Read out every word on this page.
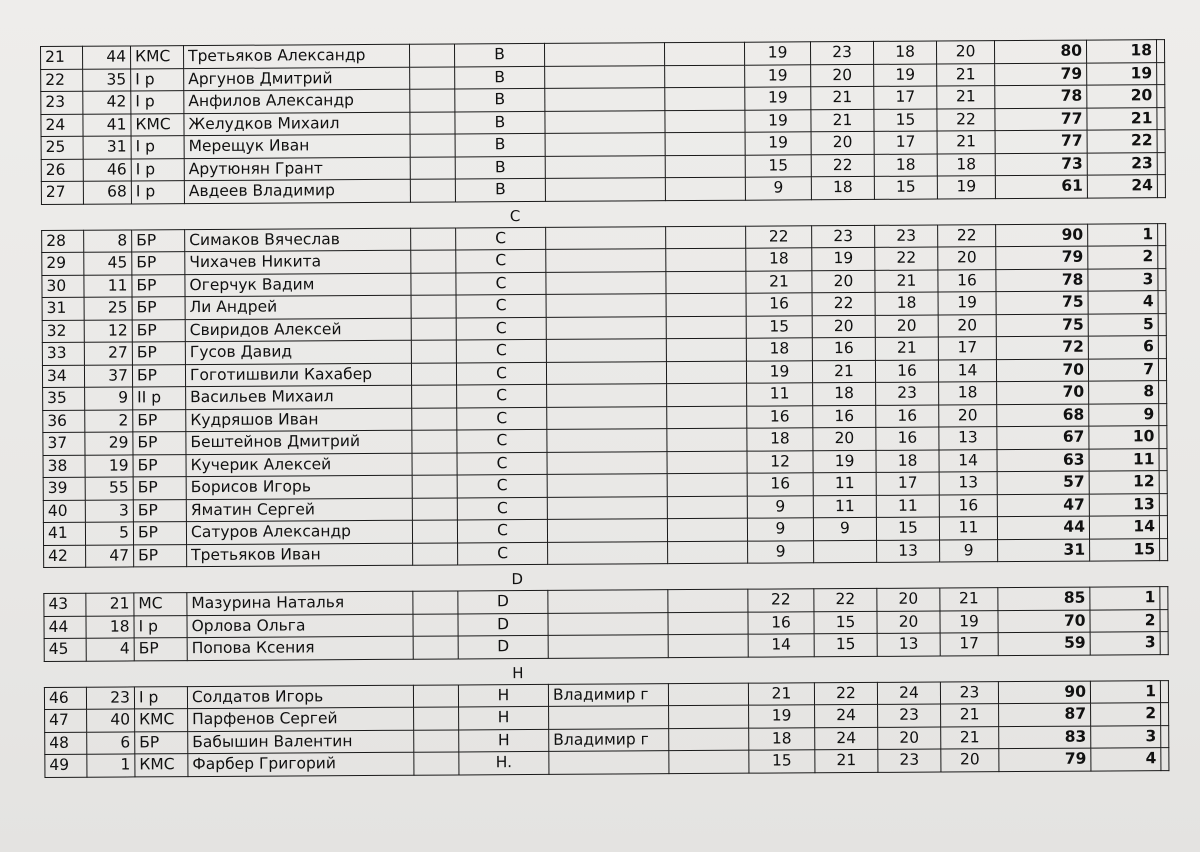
21	44	КМС	Третьяков Александр		B			19	23	18	20	80	18	
22	35	I р	Аргунов Дмитрий		B			19	20	19	21	79	19	
23	42	I р	Анфилов Александр		B			19	21	17	21	78	20	
24	41	КМС	Желудков Михаил		B			19	21	15	22	77	21	
25	31	I р	Мерещук Иван		B			19	20	17	21	77	22	
26	46	I р	Арутюнян Грант		B			15	22	18	18	73	23	
27	68	I р	Авдеев Владимир		B			9	18	15	19	61	24	
C
28	8	БР	Симаков Вячеслав		C			22	23	23	22	90	1	
29	45	БР	Чихачев Никита		C			18	19	22	20	79	2	
30	11	БР	Огерчук Вадим		C			21	20	21	16	78	3	
31	25	БР	Ли Андрей		C			16	22	18	19	75	4	
32	12	БР	Свиридов Алексей		C			15	20	20	20	75	5	
33	27	БР	Гусов Давид		C			18	16	21	17	72	6	
34	37	БР	Гоготишвили Кахабер		C			19	21	16	14	70	7	
35	9	II р	Васильев Михаил		C			11	18	23	18	70	8	
36	2	БР	Кудряшов Иван		C			16	16	16	20	68	9	
37	29	БР	Бештейнов Дмитрий		C			18	20	16	13	67	10	
38	19	БР	Кучерик Алексей		C			12	19	18	14	63	11	
39	55	БР	Борисов Игорь		C			16	11	17	13	57	12	
40	3	БР	Яматин Сергей		C			9	11	11	16	47	13	
41	5	БР	Сатуров Александр		C			9	9	15	11	44	14	
42	47	БР	Третьяков Иван		C			9		13	9	31	15	
D
43	21	МС	Мазурина Наталья		D			22	22	20	21	85	1	
44	18	I р	Орлова Ольга		D			16	15	20	19	70	2	
45	4	БР	Попова Ксения		D			14	15	13	17	59	3	
H
46	23	I р	Солдатов Игорь		H	Владимир г		21	22	24	23	90	1	
47	40	КМС	Парфенов Сергей		H			19	24	23	21	87	2	
48	6	БР	Бабышин Валентин		H	Владимир г		18	24	20	21	83	3	
49	1	КМС	Фарбер Григорий		H.			15	21	23	20	79	4	
